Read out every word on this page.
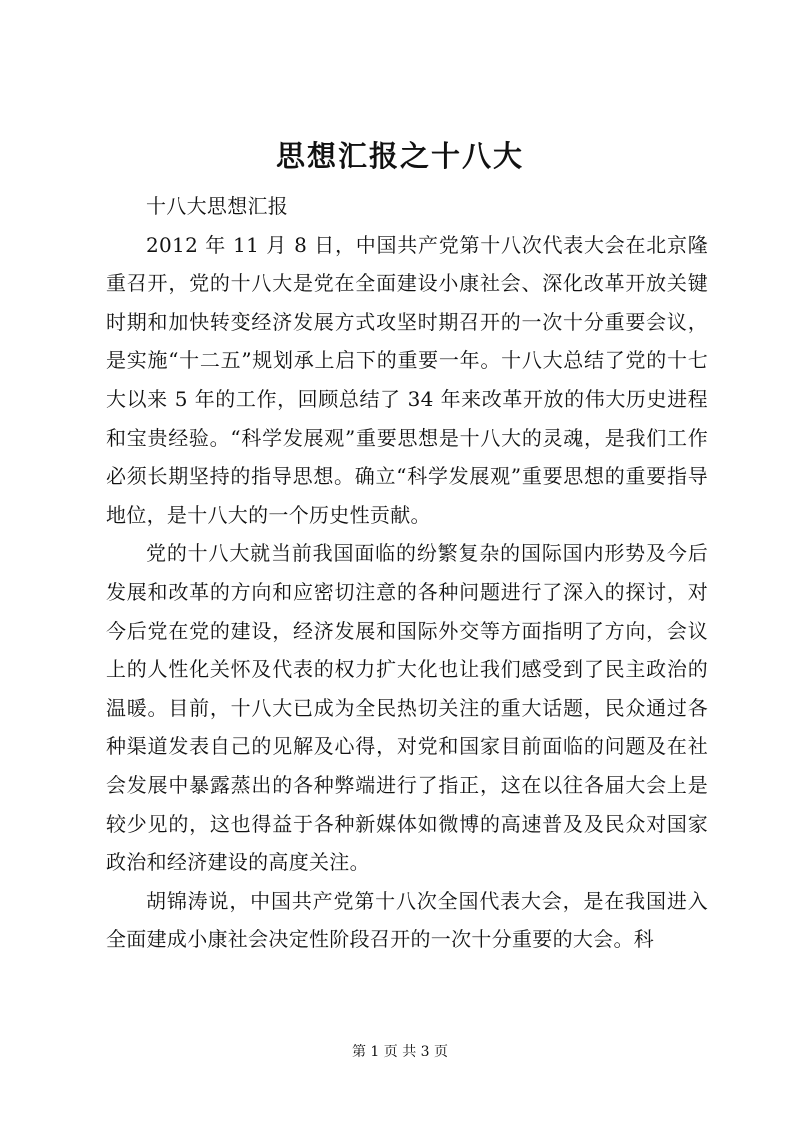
思想汇报之十八大

十八大思想汇报

2012 年 11 月 8 日，中国共产党第十八次代表大会在北京隆重召开，党的十八大是党在全面建设小康社会、深化改革开放关键时期和加快转变经济发展方式攻坚时期召开的一次十分重要会议，是实施“十二五”规划承上启下的重要一年。十八大总结了党的十七大以来 5 年的工作，回顾总结了 34 年来改革开放的伟大历史进程和宝贵经验。“科学发展观”重要思想是十八大的灵魂，是我们工作必须长期坚持的指导思想。确立“科学发展观”重要思想的重要指导地位，是十八大的一个历史性贡献。

党的十八大就当前我国面临的纷繁复杂的国际国内形势及今后发展和改革的方向和应密切注意的各种问题进行了深入的探讨，对今后党在党的建设，经济发展和国际外交等方面指明了方向，会议上的人性化关怀及代表的权力扩大化也让我们感受到了民主政治的温暖。目前，十八大已成为全民热切关注的重大话题，民众通过各种渠道发表自己的见解及心得，对党和国家目前面临的问题及在社会发展中暴露蒸出的各种弊端进行了指正，这在以往各届大会上是较少见的，这也得益于各种新媒体如微博的高速普及及民众对国家政治和经济建设的高度关注。

胡锦涛说，中国共产党第十八次全国代表大会，是在我国进入全面建成小康社会决定性阶段召开的一次十分重要的大会。科

第 1 页 共 3 页
